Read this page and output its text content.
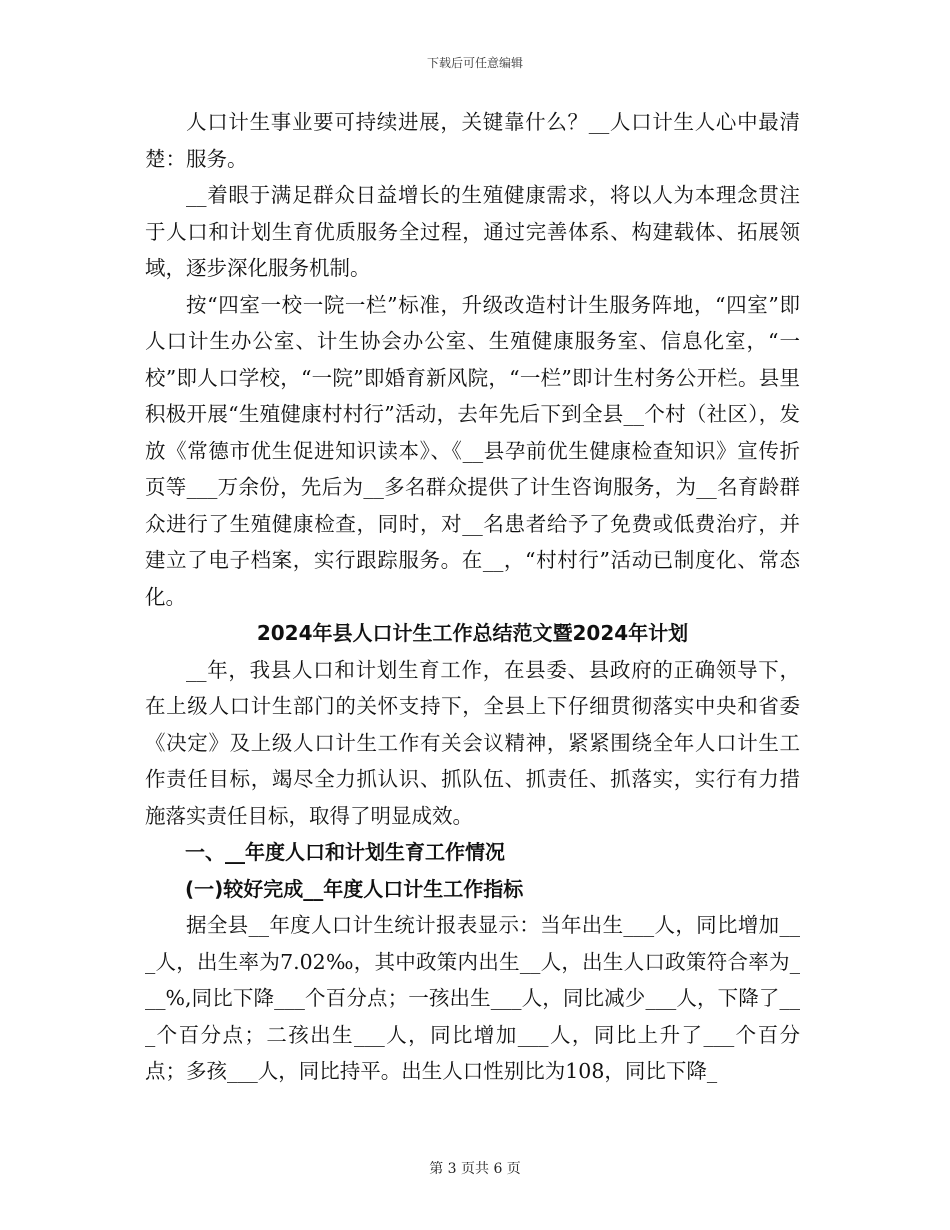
下载后可任意编辑

人口计生事业要可持续进展，关键靠什么？__人口计生人心中最清楚：服务。

__着眼于满足群众日益增长的生殖健康需求，将以人为本理念贯注于人口和计划生育优质服务全过程，通过完善体系、构建载体、拓展领域，逐步深化服务机制。

按“四室一校一院一栏”标准，升级改造村计生服务阵地，“四室”即人口计生办公室、计生协会办公室、生殖健康服务室、信息化室，“一校”即人口学校，“一院”即婚育新风院，“一栏”即计生村务公开栏。县里积极开展“生殖健康村村行”活动，去年先后下到全县__个村（社区），发放《常德市优生促进知识读本》、《__县孕前优生健康检查知识》宣传折页等___万余份，先后为__多名群众提供了计生咨询服务，为__名育龄群众进行了生殖健康检查，同时，对__名患者给予了免费或低费治疗，并建立了电子档案，实行跟踪服务。在__，“村村行”活动已制度化、常态化。

2024年县人口计生工作总结范文暨2024年计划

__年，我县人口和计划生育工作，在县委、县政府的正确领导下，在上级人口计生部门的关怀支持下，全县上下仔细贯彻落实中央和省委《决定》及上级人口计生工作有关会议精神，紧紧围绕全年人口计生工作责任目标，竭尽全力抓认识、抓队伍、抓责任、抓落实，实行有力措施落实责任目标，取得了明显成效。

一、__年度人口和计划生育工作情况

(一)较好完成__年度人口计生工作指标

据全县__年度人口计生统计报表显示：当年出生___人，同比增加___人，出生率为7.02‰，其中政策内出生__人，出生人口政策符合率为___%,同比下降___个百分点；一孩出生___人，同比减少___人，下降了___个百分点；二孩出生___人，同比增加___人，同比上升了___个百分点；多孩___人，同比持平。出生人口性别比为108，同比下降_

第 3 页共 6 页
